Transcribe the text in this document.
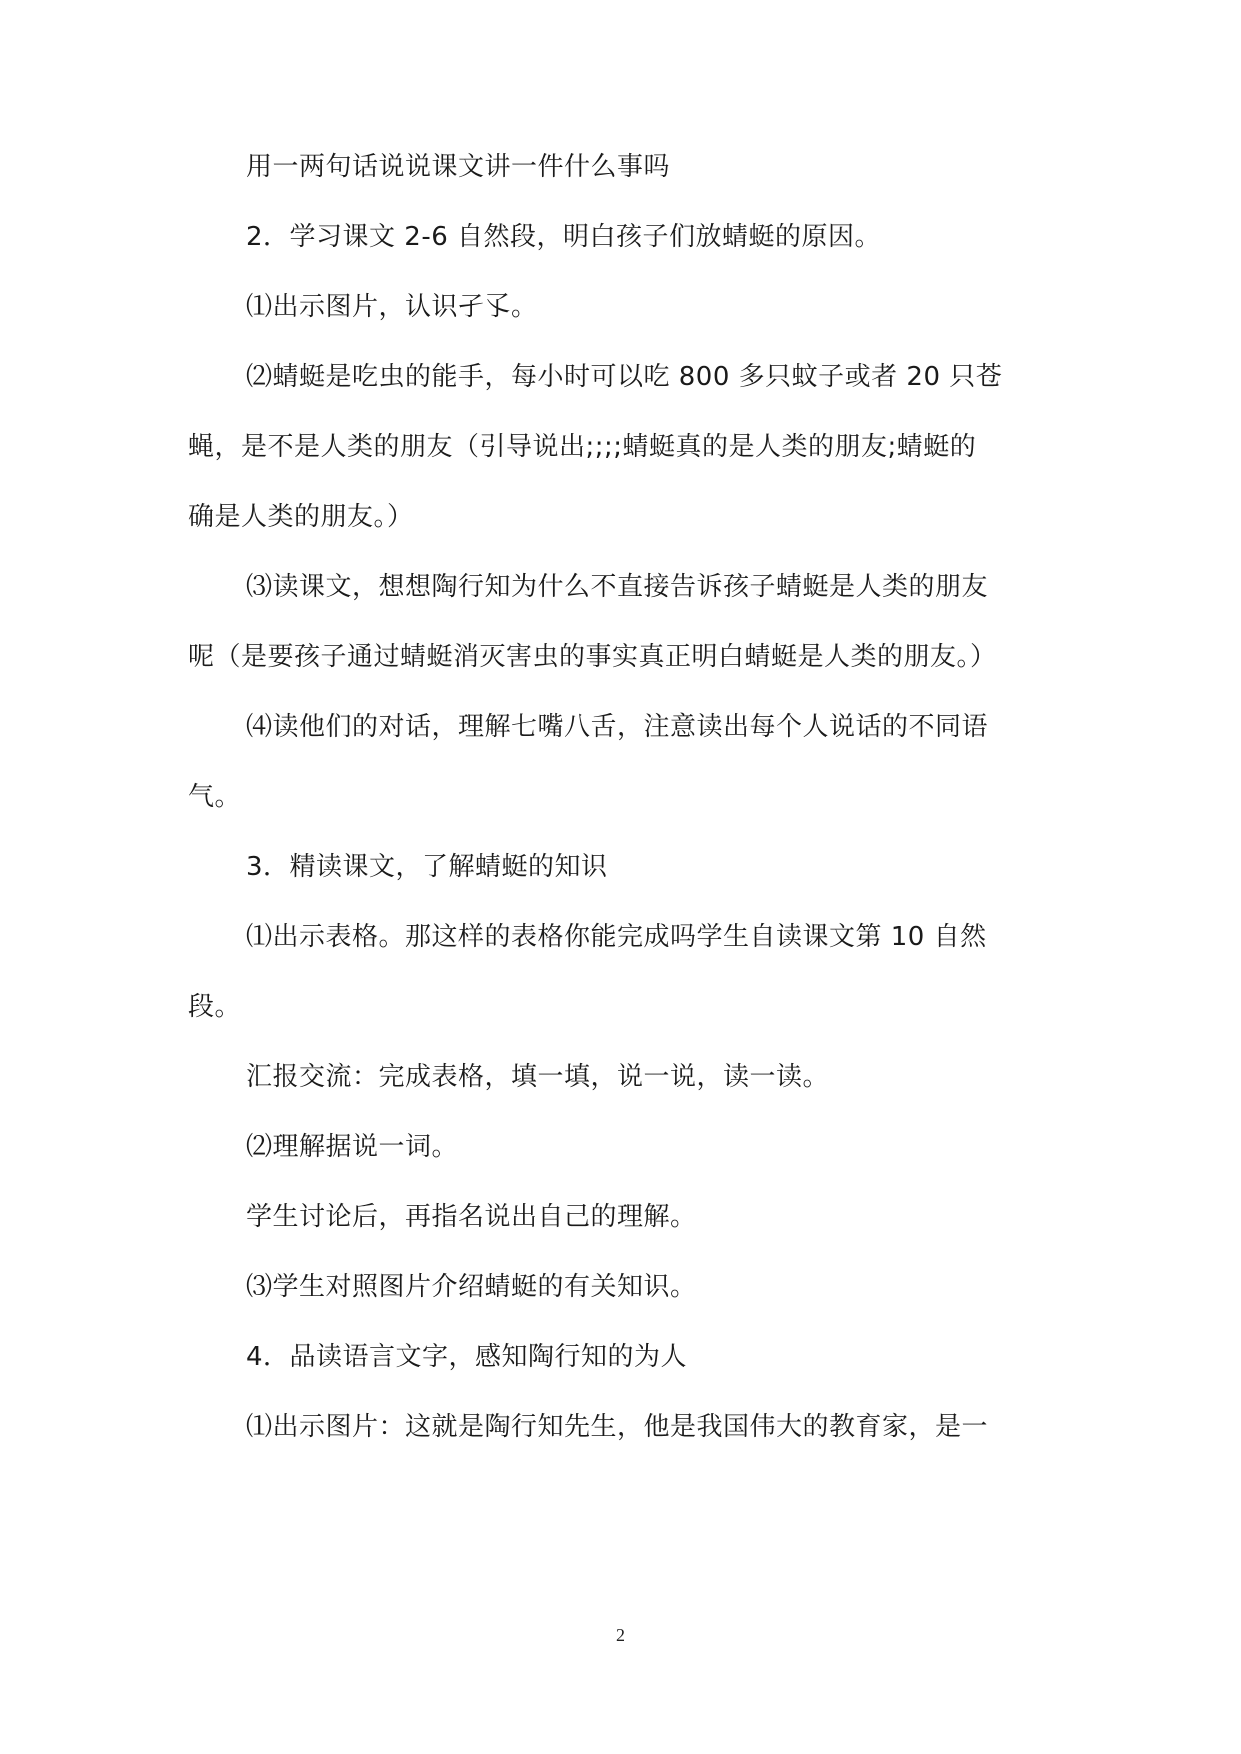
用一两句话说说课文讲一件什么事吗
2．学习课文 2-6 自然段，明白孩子们放蜻蜓的原因。
⑴出示图片，认识孑孓。
⑵蜻蜓是吃虫的能手，每小时可以吃 800 多只蚊子或者 20 只苍
蝇，是不是人类的朋友（引导说出;;;;蜻蜓真的是人类的朋友;蜻蜓的
确是人类的朋友。）
⑶读课文，想想陶行知为什么不直接告诉孩子蜻蜓是人类的朋友
呢（是要孩子通过蜻蜓消灭害虫的事实真正明白蜻蜓是人类的朋友。）
⑷读他们的对话，理解七嘴八舌，注意读出每个人说话的不同语
气。
3．精读课文，了解蜻蜓的知识
⑴出示表格。那这样的表格你能完成吗学生自读课文第 10 自然
段。
汇报交流：完成表格，填一填，说一说，读一读。
⑵理解据说一词。
学生讨论后，再指名说出自己的理解。
⑶学生对照图片介绍蜻蜓的有关知识。
4．品读语言文字，感知陶行知的为人
⑴出示图片：这就是陶行知先生，他是我国伟大的教育家，是一
2
